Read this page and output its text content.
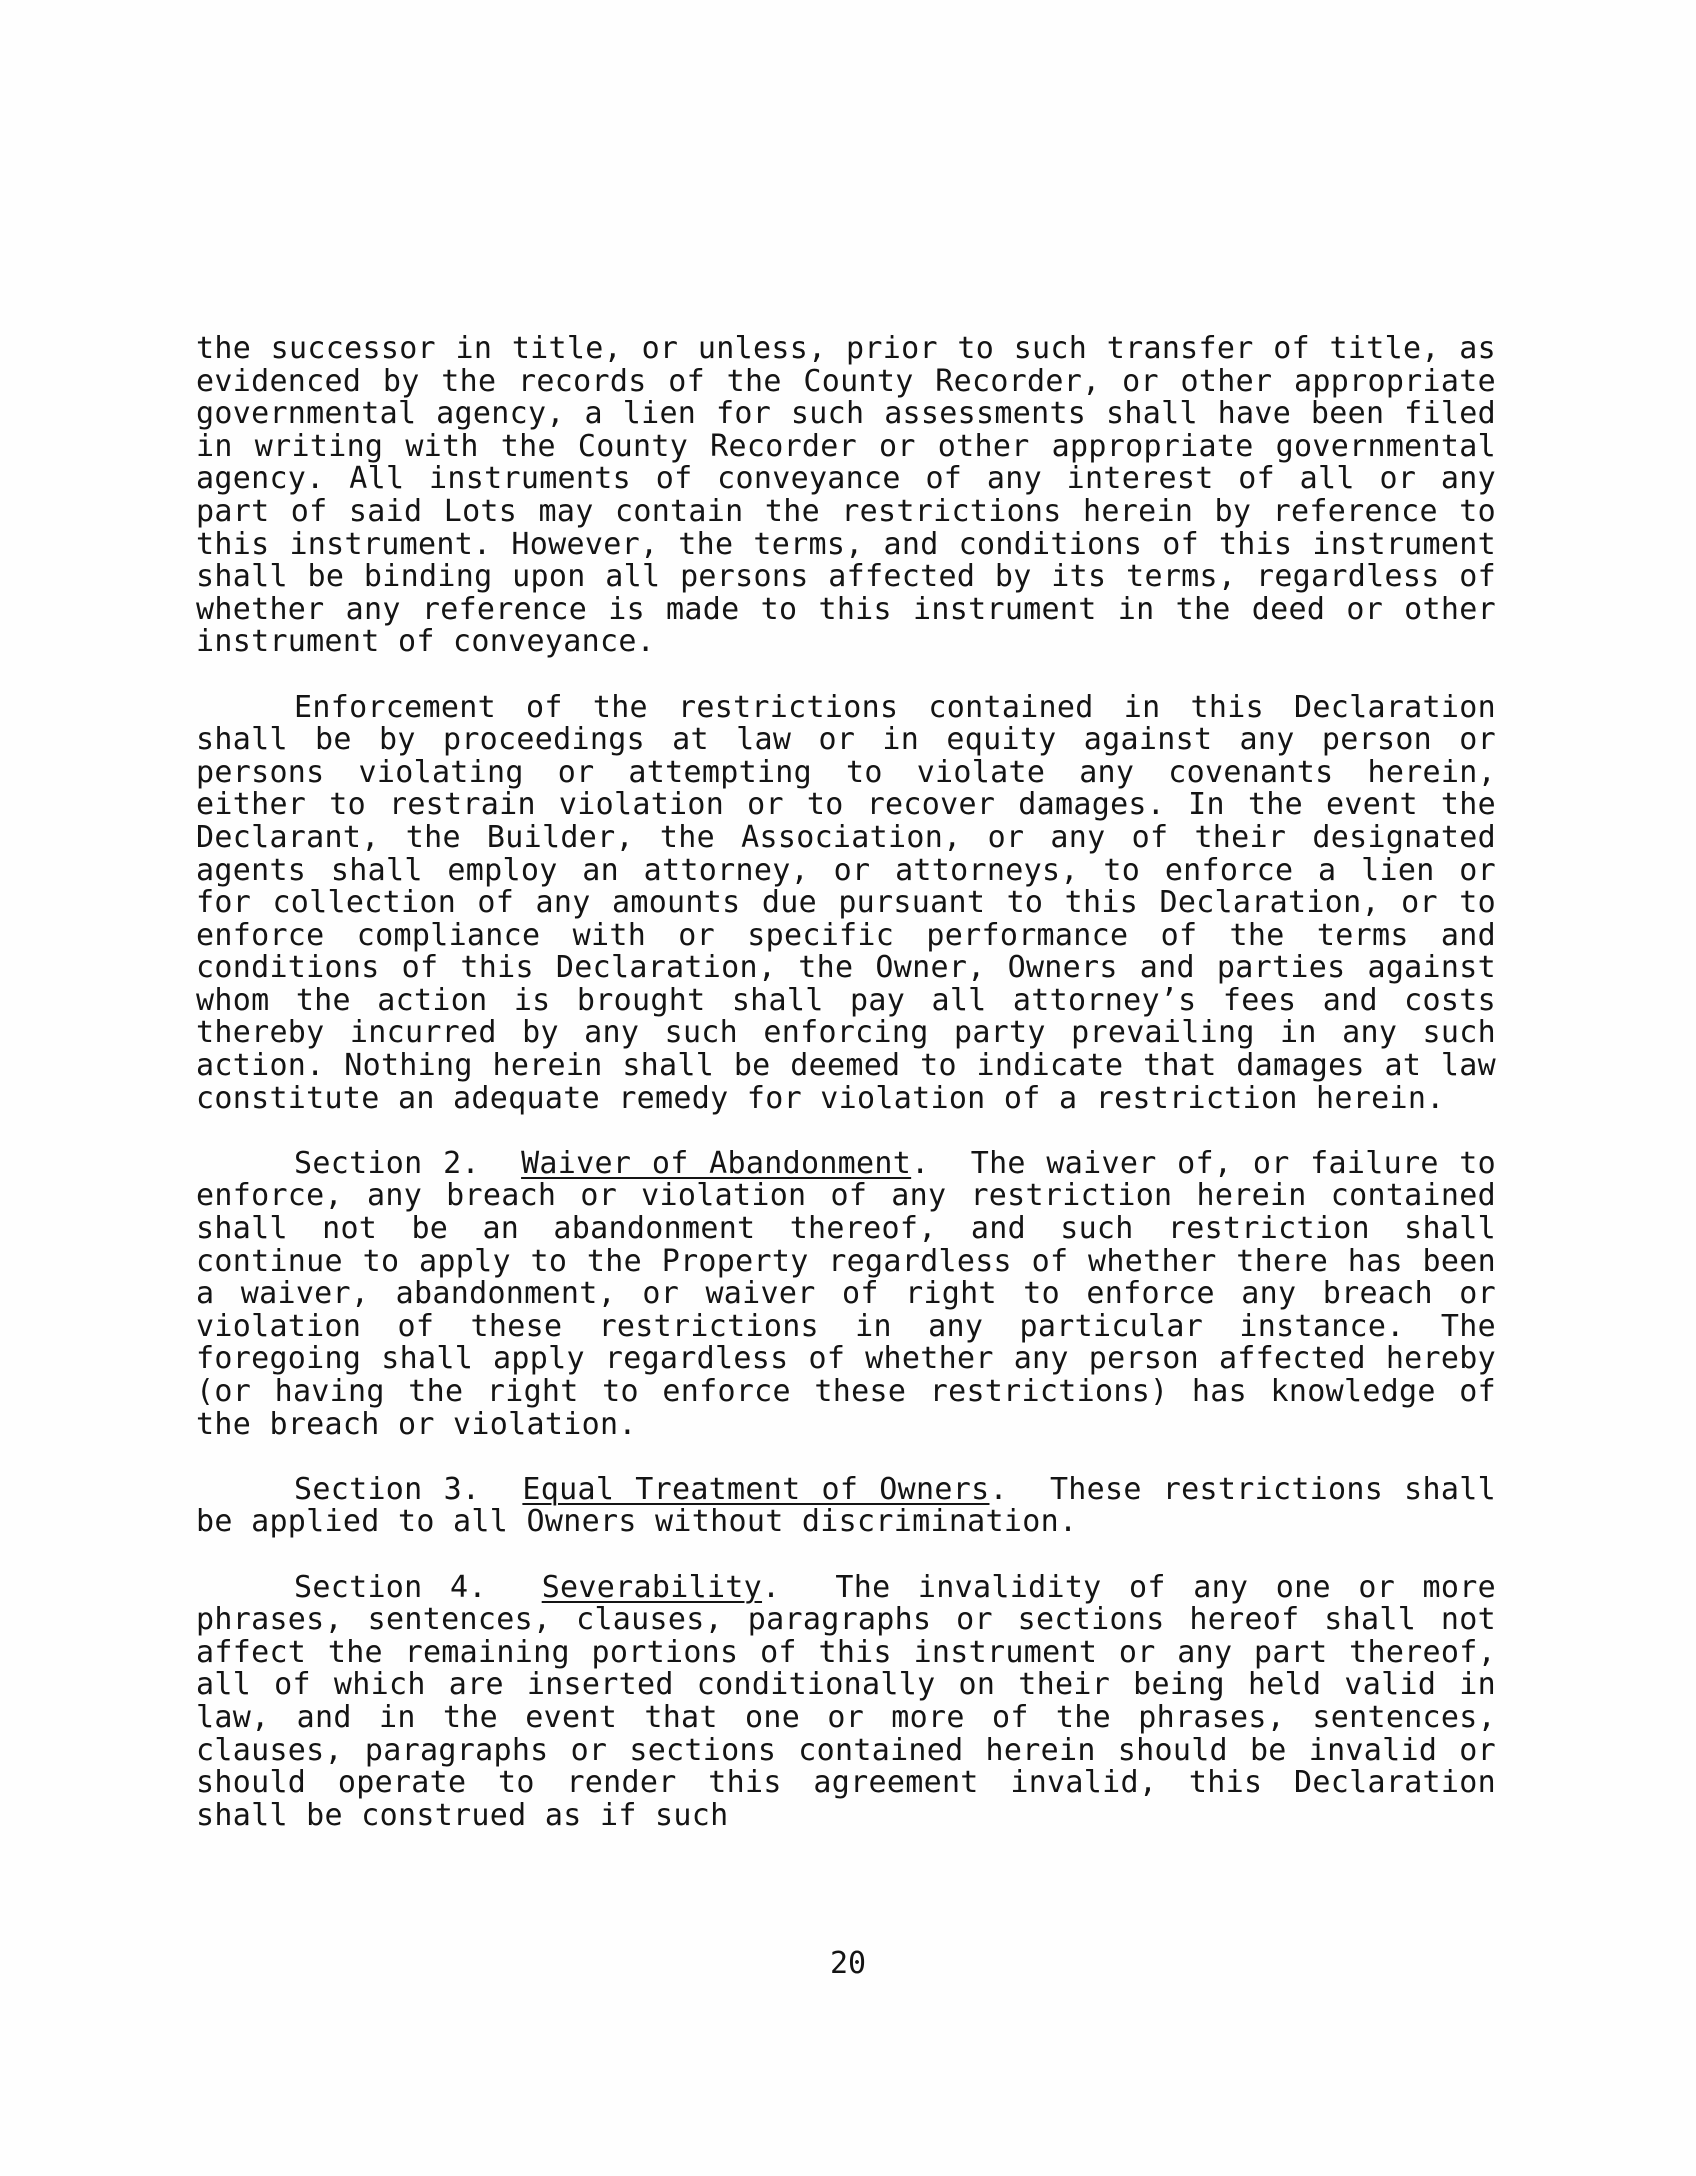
the successor in title, or unless, prior to such transfer of title, as evidenced by the records of the County Recorder, or other appropriate governmental agency, a lien for such assessments shall have been filed in writing with the County Recorder or other appropriate governmental agency. All instruments of conveyance of any interest of all or any part of said Lots may contain the restrictions herein by reference to this instrument. However, the terms, and conditions of this instrument shall be binding upon all persons affected by its terms, regardless of whether any reference is made to this instrument in the deed or other instrument of conveyance.

Enforcement of the restrictions contained in this Declaration shall be by proceedings at law or in equity against any person or persons violating or attempting to violate any covenants herein, either to restrain violation or to recover damages. In the event the Declarant, the Builder, the Association, or any of their designated agents shall employ an attorney, or attorneys, to enforce a lien or for collection of any amounts due pursuant to this Declaration, or to enforce compliance with or specific performance of the terms and conditions of this Declaration, the Owner, Owners and parties against whom the action is brought shall pay all attorney’s fees and costs thereby incurred by any such enforcing party prevailing in any such action. Nothing herein shall be deemed to indicate that damages at law constitute an adequate remedy for violation of a restriction herein.

Section 2. Waiver of Abandonment.  The waiver of, or failure to enforce, any breach or violation of any restriction herein contained shall not be an abandonment thereof, and such restriction shall continue to apply to the Property regardless of whether there has been a waiver, abandonment, or waiver of right to enforce any breach or violation of these restrictions in any particular instance. The foregoing shall apply regardless of whether any person affected hereby (or having the right to enforce these restrictions) has knowledge of the breach or violation.

Section 3. Equal Treatment of Owners.  These restrictions shall be applied to all Owners without discrimination.

Section 4. Severability.  The invalidity of any one or more phrases, sentences, clauses, paragraphs or sections hereof shall not affect the remaining portions of this instrument or any part thereof, all of which are inserted conditionally on their being held valid in law, and in the event that one or more of the phrases, sentences, clauses, paragraphs or sections contained herein should be invalid or should operate to render this agreement invalid, this Declaration shall be construed as if such

20
